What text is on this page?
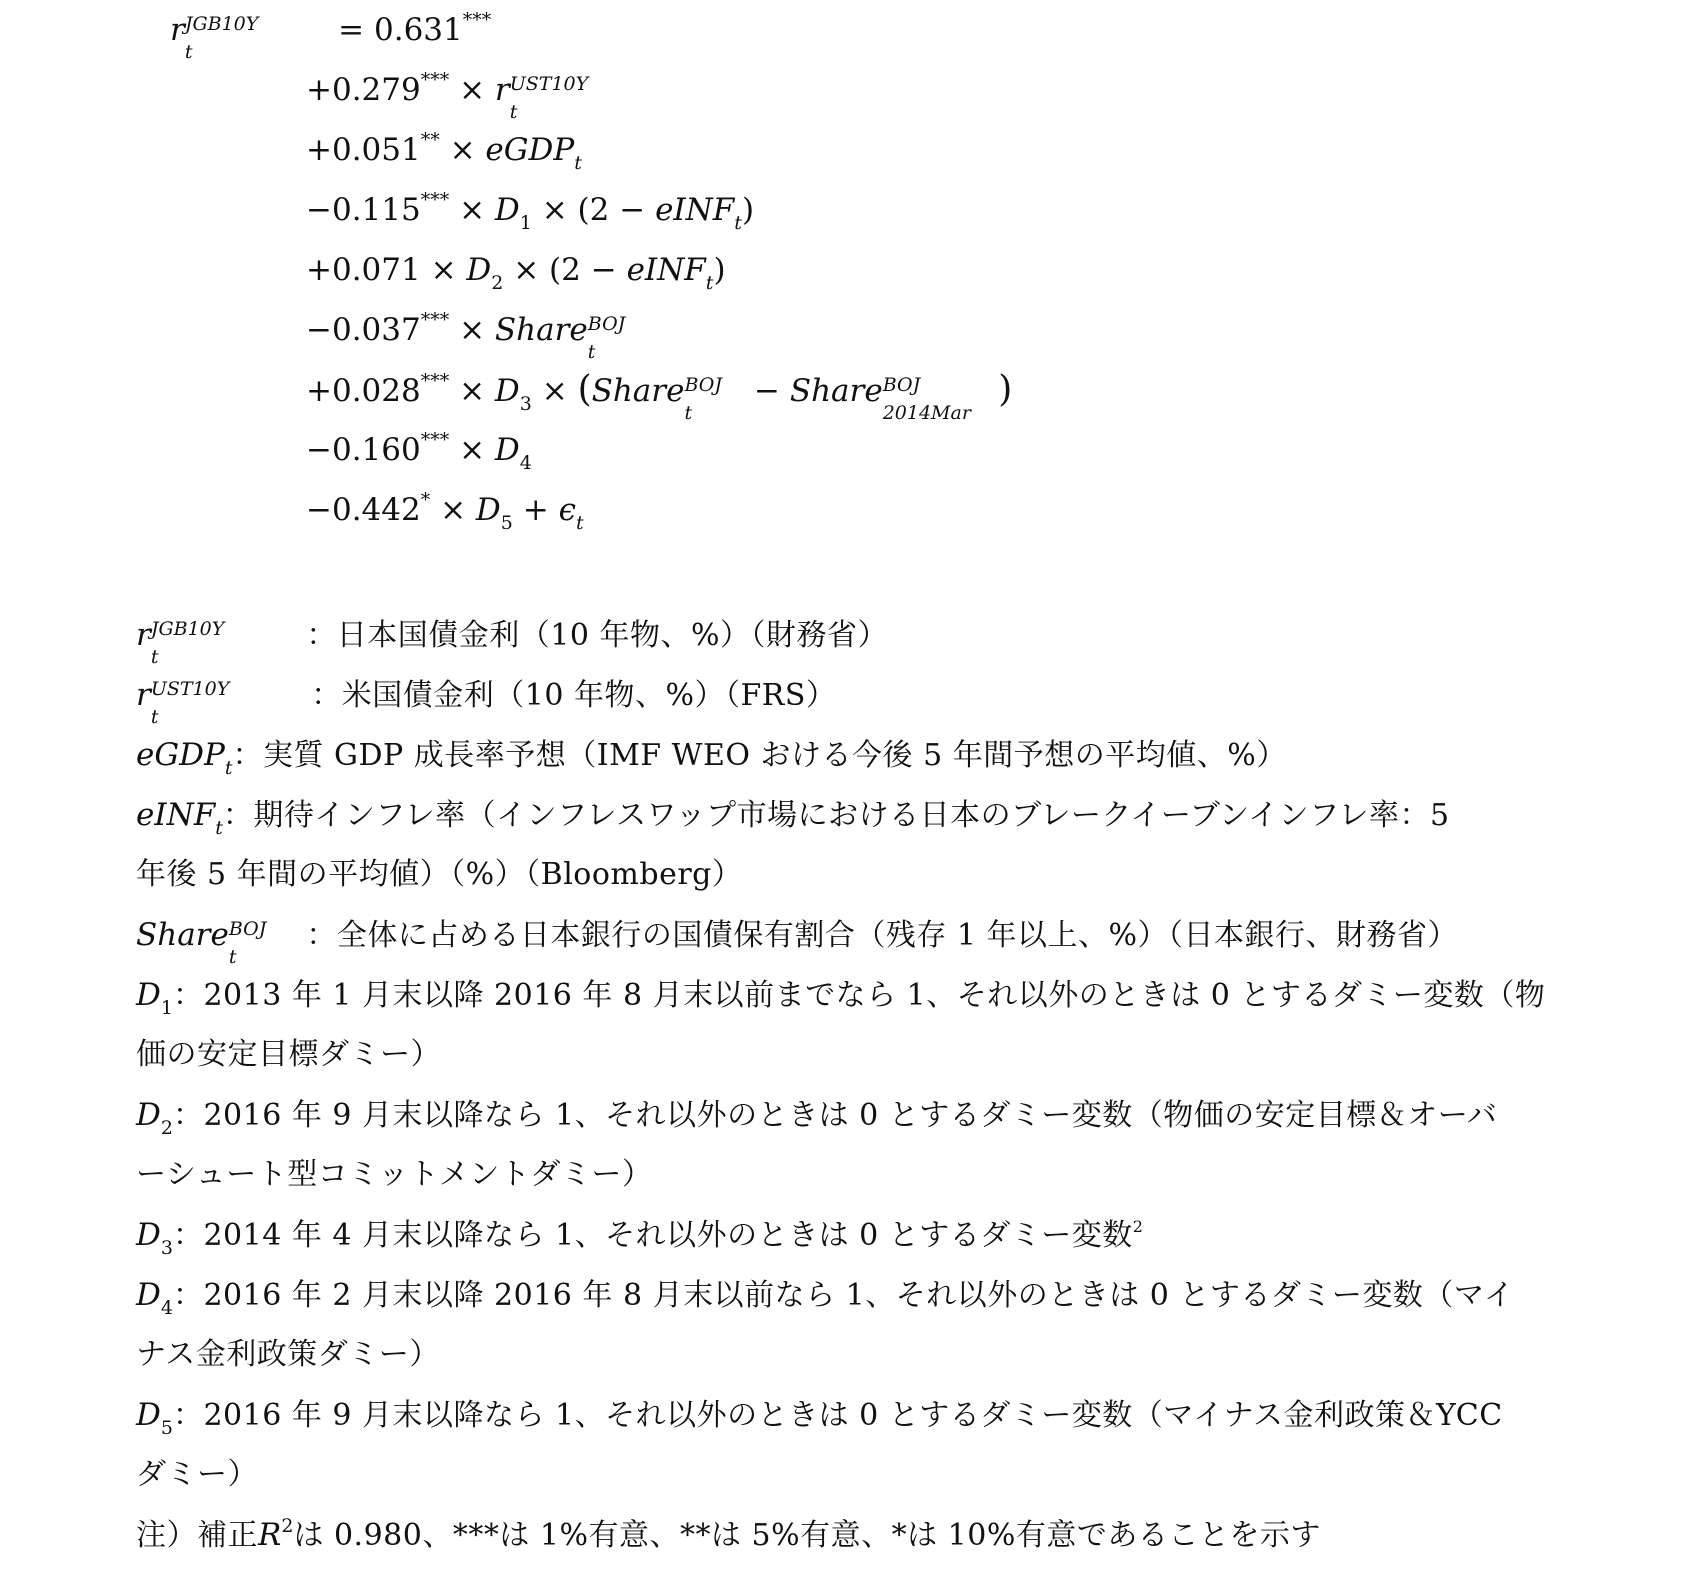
r JGB10Y
t
= 0.631***
+0.279*** × r UST10Y
t
+0.051** × eGDP$_t$
$-0.115^{***} \times D_1 \times (2$ − eINF$_t$)
$+0.071 \times D_2 \times (2$ − eINF$_t$)
−0.037*** × Share BOJ
t
$+0.028^{***} \times D_3$ × (Share BOJ
t
− Share BOJ
2014Mar
)
$-0.160^{***} \times D_4$
$-0.442^* \times D_5 + \epsilon_t$
r JGB10Y
t
：日本国債金利（10 年物、%）（財務省）
r UST10Y
t
：米国債金利（10 年物、%）（FRS）
eGDP$_t$：実質 GDP 成長率予想（IMF WEO おける今後 5 年間予想の平均値、%）
eINF$_t$：期待インフレ率（インフレスワップ市場における日本のブレークイーブンインフレ率：5
年後 5 年間の平均値）（%）（Bloomberg）
Share BOJ
t
：全体に占める日本銀行の国債保有割合（残存 1 年以上、%）（日本銀行、財務省）
$D_1$：2013 年 1 月末以降 2016 年 8 月末以前までなら 1、それ以外のときは 0 とするダミー変数（物
価の安定目標ダミー）
$D_2$：2016 年 9 月末以降なら 1、それ以外のときは 0 とするダミー変数（物価の安定目標＆オーバ
ーシュート型コミットメントダミー）
$D_3$：2014 年 4 月末以降なら 1、それ以外のときは 0 とするダミー変数$^2$
$D_4$：2016 年 2 月末以降 2016 年 8 月末以前なら 1、それ以外のときは 0 とするダミー変数（マイ
ナス金利政策ダミー）
$D_5$：2016 年 9 月末以降なら 1、それ以外のときは 0 とするダミー変数（マイナス金利政策＆YCC
ダミー）
注）補正$R^2$は 0.980、***は 1%有意、**は 5%有意、*は 10%有意であることを示す
